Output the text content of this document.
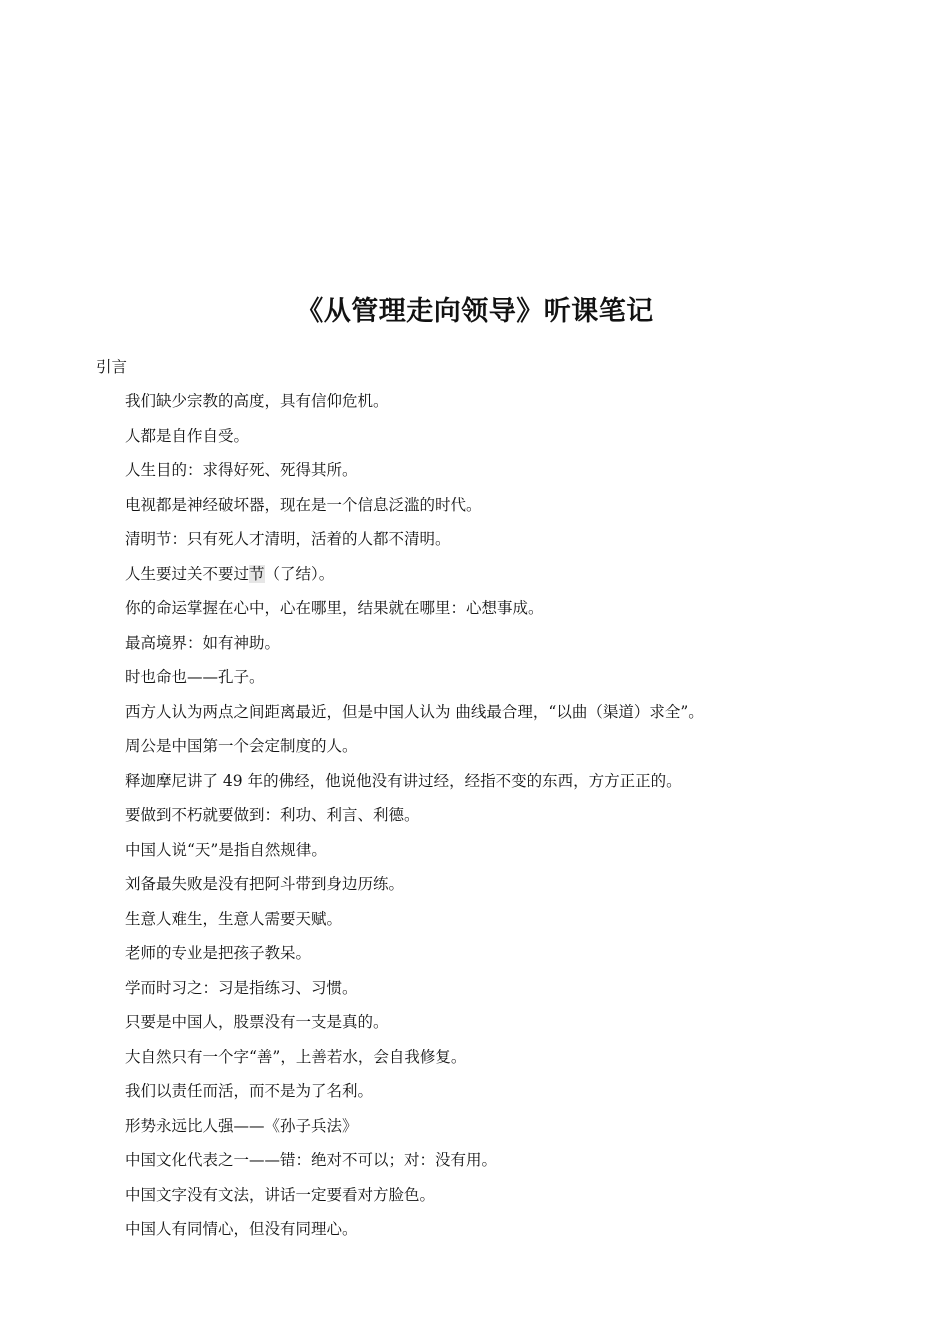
《从管理走向领导》听课笔记
引言
我们缺少宗教的高度，具有信仰危机。
人都是自作自受。
人生目的：求得好死、死得其所。
电视都是神经破坏器，现在是一个信息泛滥的时代。
清明节：只有死人才清明，活着的人都不清明。
人生要过关不要过节（了结）。
你的命运掌握在心中，心在哪里，结果就在哪里：心想事成。
最高境界：如有神助。
时也命也——孔子。
西方人认为两点之间距离最近，但是中国人认为 曲线最合理，“以曲（渠道）求全”。
周公是中国第一个会定制度的人。
释迦摩尼讲了 49 年的佛经，他说他没有讲过经，经指不变的东西，方方正正的。
要做到不朽就要做到：利功、利言、利德。
中国人说“天”是指自然规律。
刘备最失败是没有把阿斗带到身边历练。
生意人难生，生意人需要天赋。
老师的专业是把孩子教呆。
学而时习之：习是指练习、习惯。
只要是中国人，股票没有一支是真的。
大自然只有一个字“善”，上善若水，会自我修复。
我们以责任而活，而不是为了名利。
形势永远比人强——《孙子兵法》
中国文化代表之一——错：绝对不可以；对：没有用。
中国文字没有文法，讲话一定要看对方脸色。
中国人有同情心，但没有同理心。
